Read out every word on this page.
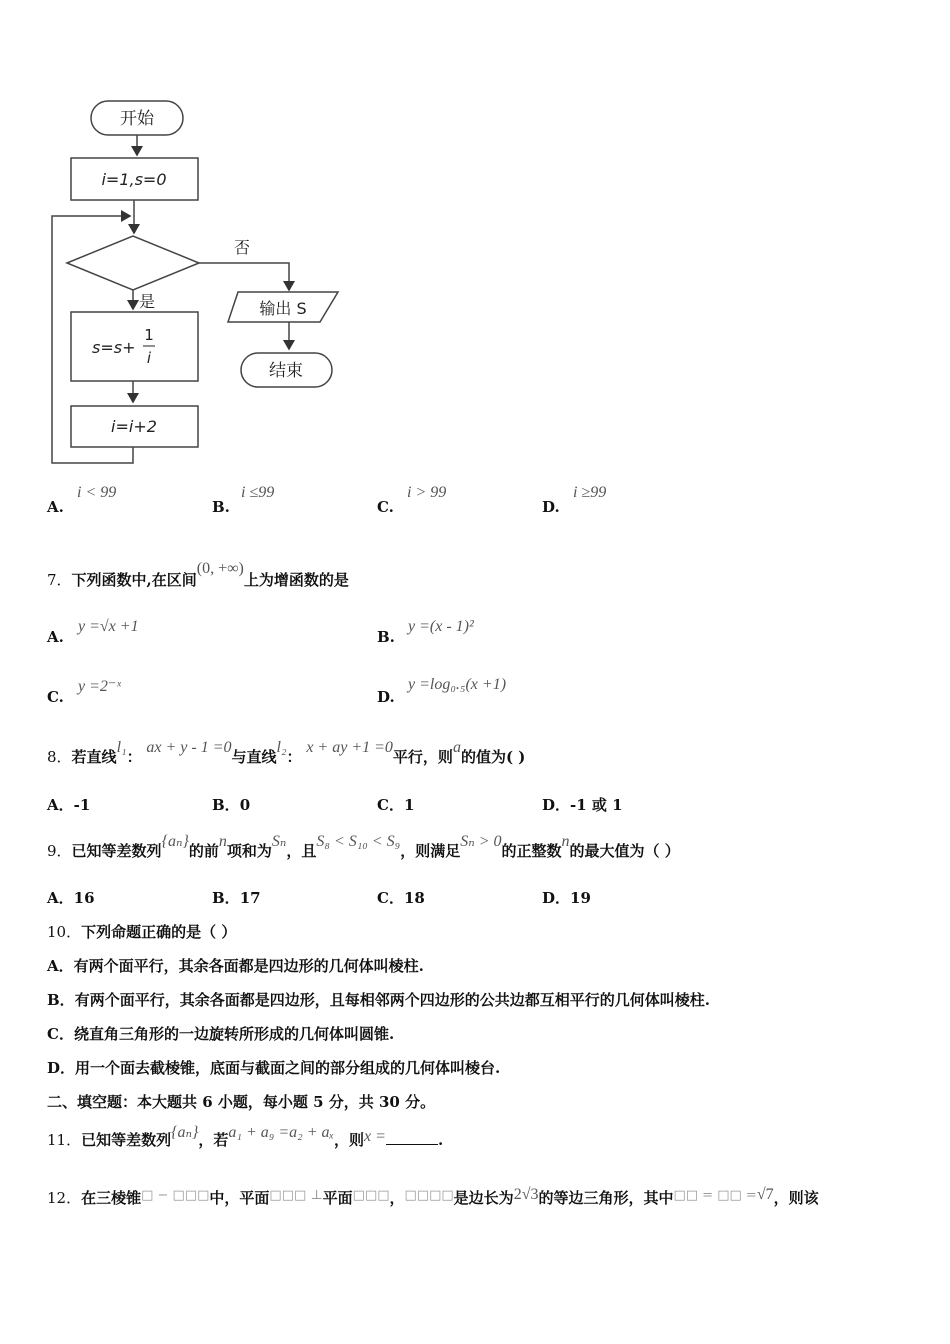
开始
i=1,s=0
否
是	输出 S
结束
s=s+
1
i
i=i+2
A.
i < 99
B.
i ≤99
C.
i > 99
D.
i ≥99
7．下列函数中,在区间(0, +∞)上为增函数的是
A.
y =√x +1
B.
y =(x - 1)²
C.
y =2⁻ˣ
D.
y =log₀.₅(x +1)
8．若直线l₁： ax + y - 1 =0与直线l₂： x + ay +1 =0平行，则a的值为( )
A．-1	B．0	C．1	D．-1 或 1
9．已知等差数列{aₙ}的前n项和为Sₙ，且S₈ < S₁₀ < S₉，则满足Sₙ > 0的正整数n的最大值为（ ）
A．16	B．17	C．18	D．19
10．下列命题正确的是（ ）
A．有两个面平行，其余各面都是四边形的几何体叫棱柱.
B．有两个面平行，其余各面都是四边形，且每相邻两个四边形的公共边都互相平行的几何体叫棱柱.
C．绕直角三角形的一边旋转所形成的几何体叫圆锥.
D．用一个面去截棱锥，底面与截面之间的部分组成的几何体叫棱台.
二、填空题：本大题共 6 小题，每小题 5 分，共 30 分。
11．已知等差数列{aₙ}，若a₁ + a₉ =a₂ + aₓ，则x =	.
12．在三棱锥□ − □□□中，平面□□□ ⊥平面□□□，□□□□是边长为2√3的等边三角形，其中□□ = □□ =√7，则该
